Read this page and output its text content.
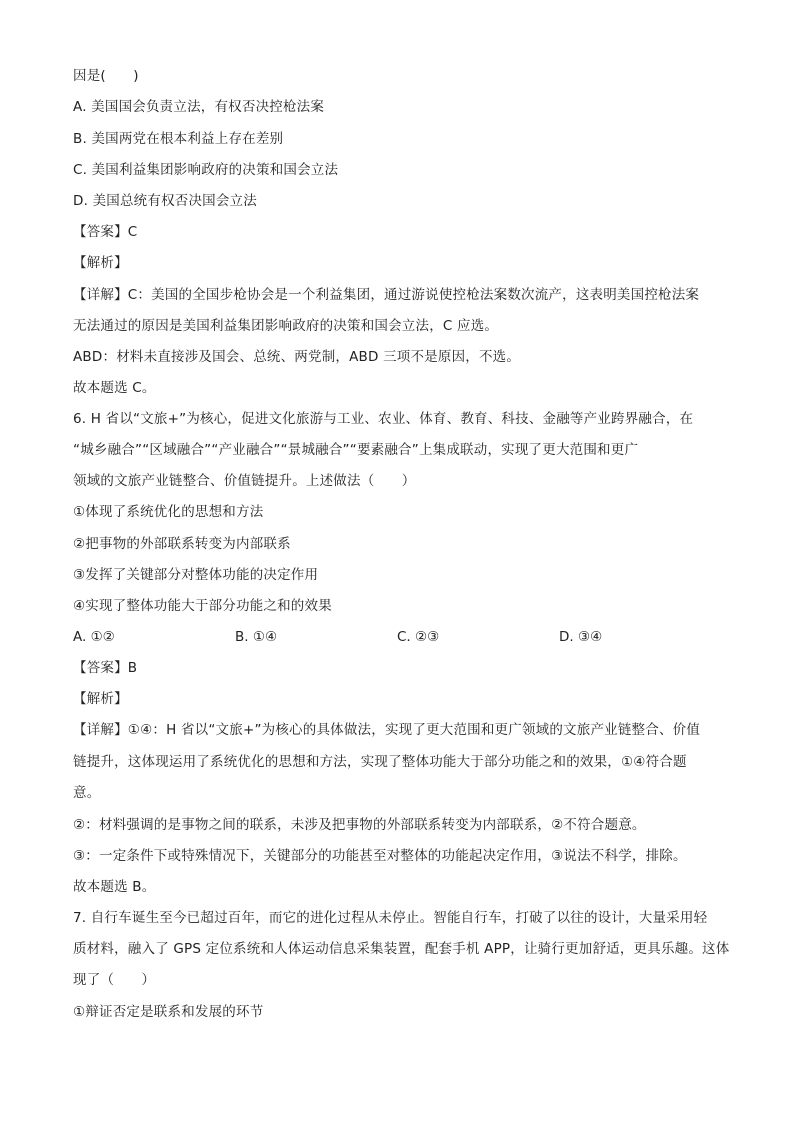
因是(　　)
A. 美国国会负责立法，有权否决控枪法案
B. 美国两党在根本利益上存在差别
C. 美国利益集团影响政府的决策和国会立法
D. 美国总统有权否决国会立法
【答案】C
【解析】
【详解】C：美国的全国步枪协会是一个利益集团，通过游说使控枪法案数次流产，这表明美国控枪法案
无法通过的原因是美国利益集团影响政府的决策和国会立法，C 应选。
ABD：材料未直接涉及国会、总统、两党制，ABD 三项不是原因，不选。
故本题选 C。
6. H 省以“文旅+”为核心，促进文化旅游与工业、农业、体育、教育、科技、金融等产业跨界融合，在
“城乡融合”“区域融合”“产业融合”“景城融合”“要素融合”上集成联动，实现了更大范围和更广
领域的文旅产业链整合、价值链提升。上述做法（　　）
①体现了系统优化的思想和方法
②把事物的外部联系转变为内部联系
③发挥了关键部分对整体功能的决定作用
④实现了整体功能大于部分功能之和的效果
A. ①②	B. ①④	C. ②③	D. ③④
【答案】B
【解析】
【详解】①④：H 省以“文旅+”为核心的具体做法，实现了更大范围和更广领域的文旅产业链整合、价值
链提升，这体现运用了系统优化的思想和方法，实现了整体功能大于部分功能之和的效果，①④符合题
意。
②：材料强调的是事物之间的联系，未涉及把事物的外部联系转变为内部联系，②不符合题意。
③：一定条件下或特殊情况下，关键部分的功能甚至对整体的功能起决定作用，③说法不科学，排除。
故本题选 B。
7. 自行车诞生至今已超过百年，而它的进化过程从未停止。智能自行车，打破了以往的设计，大量采用轻
质材料，融入了 GPS 定位系统和人体运动信息采集装置，配套手机 APP，让骑行更加舒适，更具乐趣。这体
现了（　　）
①辩证否定是联系和发展的环节
